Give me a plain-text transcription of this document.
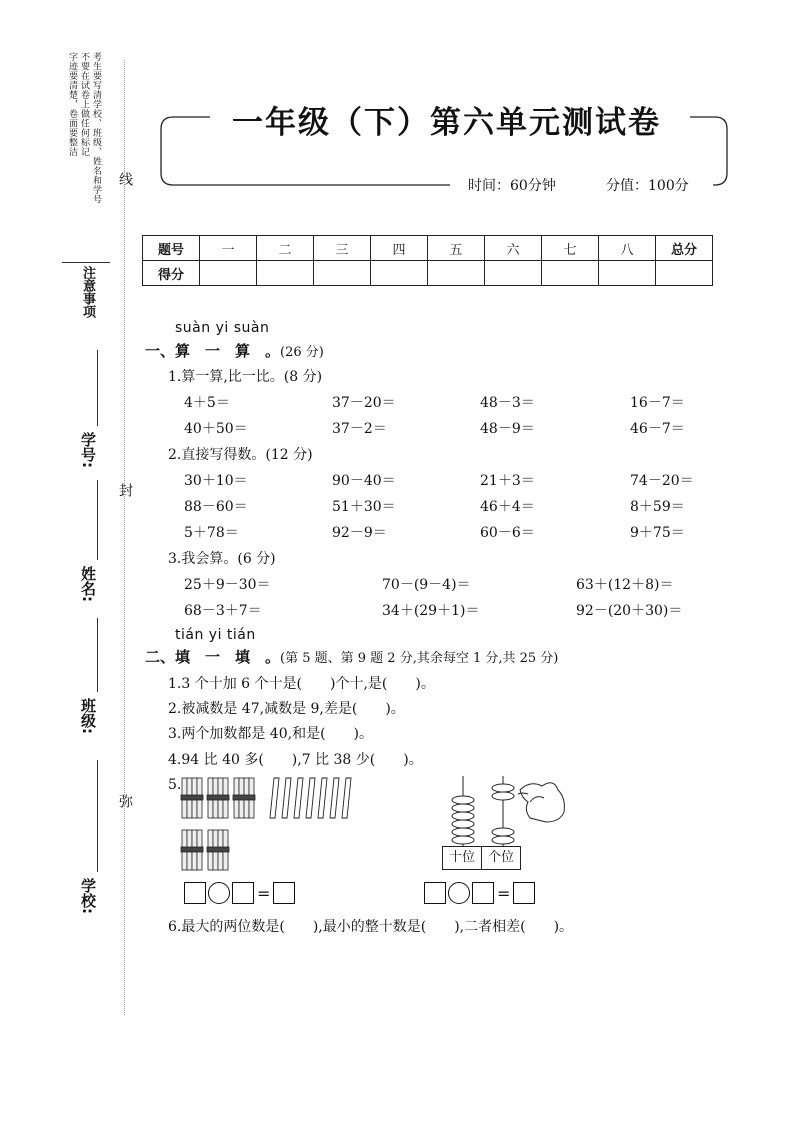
考生要写清学校、班级、姓名和学号
不要在试卷上做任何标记
字迹要清楚，卷面要整洁
注意事项
学号:
姓名:
班级:
学校:
线
封
弥
一年级（下）第六单元测试卷
时间：60分钟	分值：100分
题号	一	二	三	四	五	六	七	八	总分
得分									
suàn yi suàn
一、算　一　算　。(26 分)
1.算一算,比一比。(8 分)
4＋5＝	37－20＝	48－3＝	16－7＝
40＋50＝	37－2＝	48－9＝	46－7＝
2.直接写得数。(12 分)
30＋10＝	90－40＝	21＋3＝	74－20＝
88－60＝	51＋30＝	46＋4＝	8＋59＝
5＋78＝	92－9＝	60－6＝	9＋75＝
3.我会算。(6 分)
25＋9－30＝	70－(9－4)＝	63＋(12＋8)＝
68－3＋7＝	34＋(29＋1)＝	92－(20＋30)＝
tián yi tián
二、填　一　填　。(第 5 题、第 9 题 2 分,其余每空 1 分,共 25 分)
1.3 个十加 6 个十是(　　)个十,是(　　)。
2.被减数是 47,减数是 9,差是(　　)。
3.两个加数都是 40,和是(　　)。
4.94 比 40 多(　　),7 比 38 少(　　)。
5.
十位 个位
=	=
6.最大的两位数是(　　),最小的整十数是(　　),二者相差(　　)。
